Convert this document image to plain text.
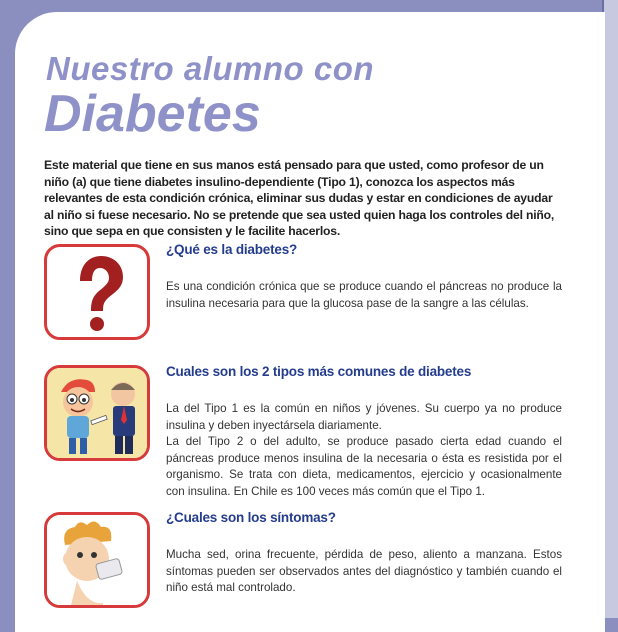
Nuestro alumno con
Diabetes

Este material que tiene en sus manos está pensado para que usted, como profesor de un niño (a) que tiene diabetes insulino-dependiente (Tipo 1), conozca los aspectos más relevantes de esta condición crónica, eliminar sus dudas y estar en condiciones de ayudar al niño si fuese necesario. No se pretende que sea usted quien haga los controles del niño, sino que sepa en que consisten y le facilite hacerlos.

¿Qué es la diabetes?

Es una condición crónica que se produce cuando el páncreas no produce la insulina necesaria para que la glucosa pase de la sangre a las células.

Cuales son los 2 tipos más comunes de diabetes

La del Tipo 1 es la común en niños y jóvenes. Su cuerpo ya no produce insulina y deben inyectársela diariamente.

La del Tipo 2 o del adulto, se produce pasado cierta edad cuando el páncreas produce menos insulina de la necesaria o ésta es resistida por el organismo. Se trata con dieta, medicamentos, ejercicio y ocasionalmente con insulina. En Chile es 100 veces más común que el Tipo 1.

¿Cuales son los síntomas?

Mucha sed, orina frecuente, pérdida de peso, aliento a manzana. Estos síntomas pueden ser observados antes del diagnóstico y también cuando el niño está mal controlado.
